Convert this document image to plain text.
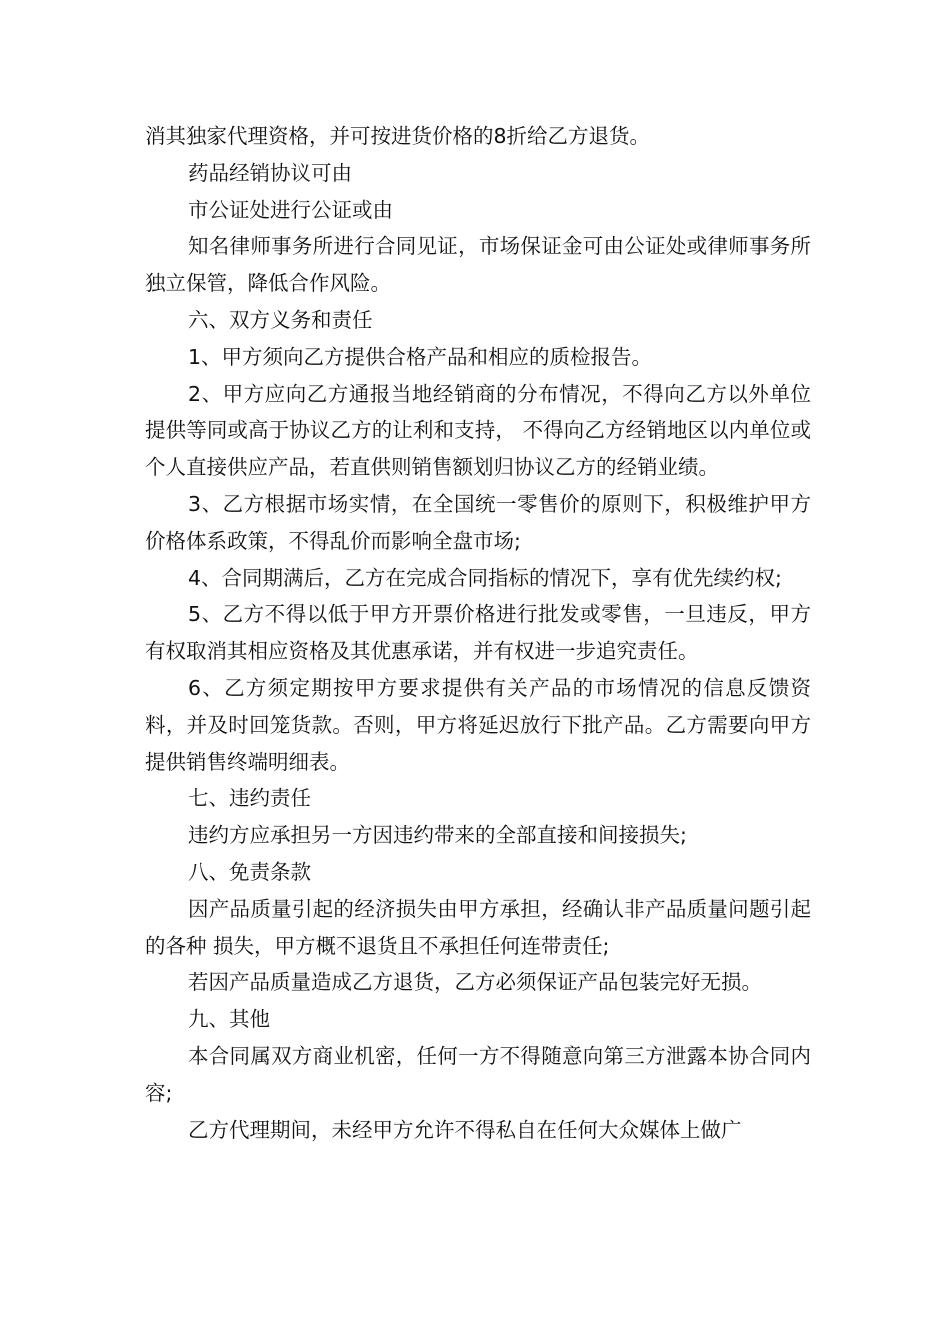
消其独家代理资格，并可按进货价格的8折给乙方退货。

药品经销协议可由

市公证处进行公证或由

知名律师事务所进行合同见证，市场保证金可由公证处或律师事务所独立保管，降低合作风险。

六、双方义务和责任

1、甲方须向乙方提供合格产品和相应的质检报告。

2、甲方应向乙方通报当地经销商的分布情况，不得向乙方以外单位提供等同或高于协议乙方的让利和支持， 不得向乙方经销地区以内单位或个人直接供应产品，若直供则销售额划归协议乙方的经销业绩。

3、乙方根据市场实情，在全国统一零售价的原则下，积极维护甲方价格体系政策，不得乱价而影响全盘市场;

4、合同期满后，乙方在完成合同指标的情况下，享有优先续约权;

5、乙方不得以低于甲方开票价格进行批发或零售，一旦违反，甲方有权取消其相应资格及其优惠承诺，并有权进一步追究责任。

6、乙方须定期按甲方要求提供有关产品的市场情况的信息反馈资料，并及时回笼货款。否则，甲方将延迟放行下批产品。乙方需要向甲方提供销售终端明细表。

七、违约责任

违约方应承担另一方因违约带来的全部直接和间接损失;

八、免责条款

因产品质量引起的经济损失由甲方承担，经确认非产品质量问题引起的各种 损失，甲方概不退货且不承担任何连带责任;

若因产品质量造成乙方退货，乙方必须保证产品包装完好无损。

九、其他

本合同属双方商业机密，任何一方不得随意向第三方泄露本协合同内容;

乙方代理期间，未经甲方允许不得私自在任何大众媒体上做广
